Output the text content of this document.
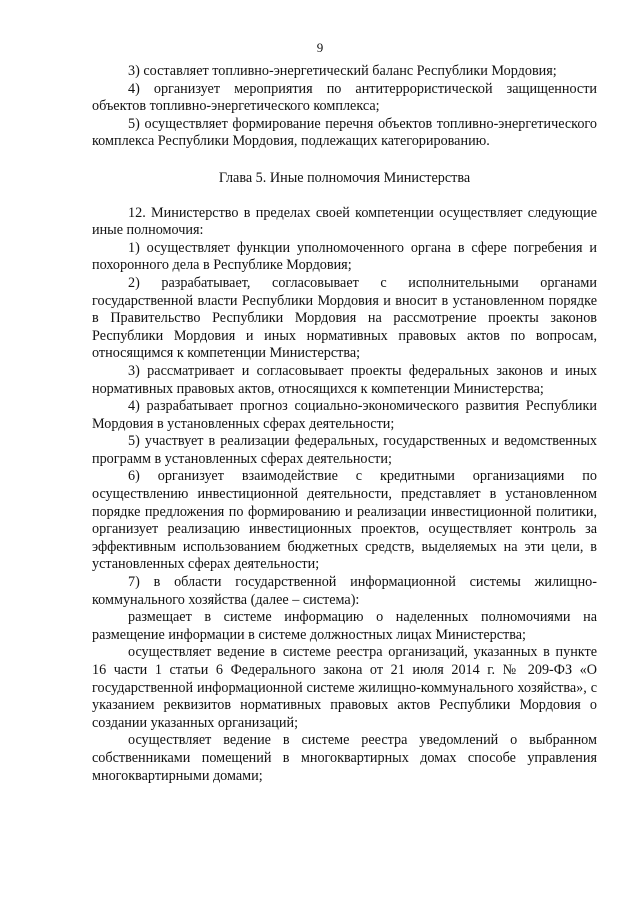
9

3) составляет топливно-энергетический баланс Республики Мордовия;

4) организует мероприятия по антитеррористической защищенности объектов топливно-энергетического комплекса;

5) осуществляет формирование перечня объектов топливно-энергетического комплекса Республики Мордовия, подлежащих категорированию.

Глава 5. Иные полномочия Министерства

12. Министерство в пределах своей компетенции осуществляет следующие иные полномочия:

1) осуществляет функции уполномоченного органа в сфере погребения и похоронного дела в Республике Мордовия;

2) разрабатывает, согласовывает с исполнительными органами государственной власти Республики Мордовия и вносит в установленном порядке в Правительство Республики Мордовия на рассмотрение проекты законов Республики Мордовия и иных нормативных правовых актов по вопросам, относящимся к компетенции Министерства;

3) рассматривает и согласовывает проекты федеральных законов и иных нормативных правовых актов, относящихся к компетенции Министерства;

4) разрабатывает прогноз социально-экономического развития Республики Мордовия в установленных сферах деятельности;

5) участвует в реализации федеральных, государственных и ведомственных программ в установленных сферах деятельности;

6) организует взаимодействие с кредитными организациями по осуществлению инвестиционной деятельности, представляет в установленном порядке предложения по формированию и реализации инвестиционной политики, организует реализацию инвестиционных проектов, осуществляет контроль за эффективным использованием бюджетных средств, выделяемых на эти цели, в установленных сферах деятельности;

7) в области государственной информационной системы жилищно-коммунального хозяйства (далее – система):

размещает в системе информацию о наделенных полномочиями на размещение информации в системе должностных лицах Министерства;

осуществляет ведение в системе реестра организаций, указанных в пункте 16 части 1 статьи 6 Федерального закона от 21 июля 2014 г. № 209-ФЗ «О государственной информационной системе жилищно-коммунального хозяйства», с указанием реквизитов нормативных правовых актов Республики Мордовия о создании указанных организаций;

осуществляет ведение в системе реестра уведомлений о выбранном собственниками помещений в многоквартирных домах способе управления многоквартирными домами;
